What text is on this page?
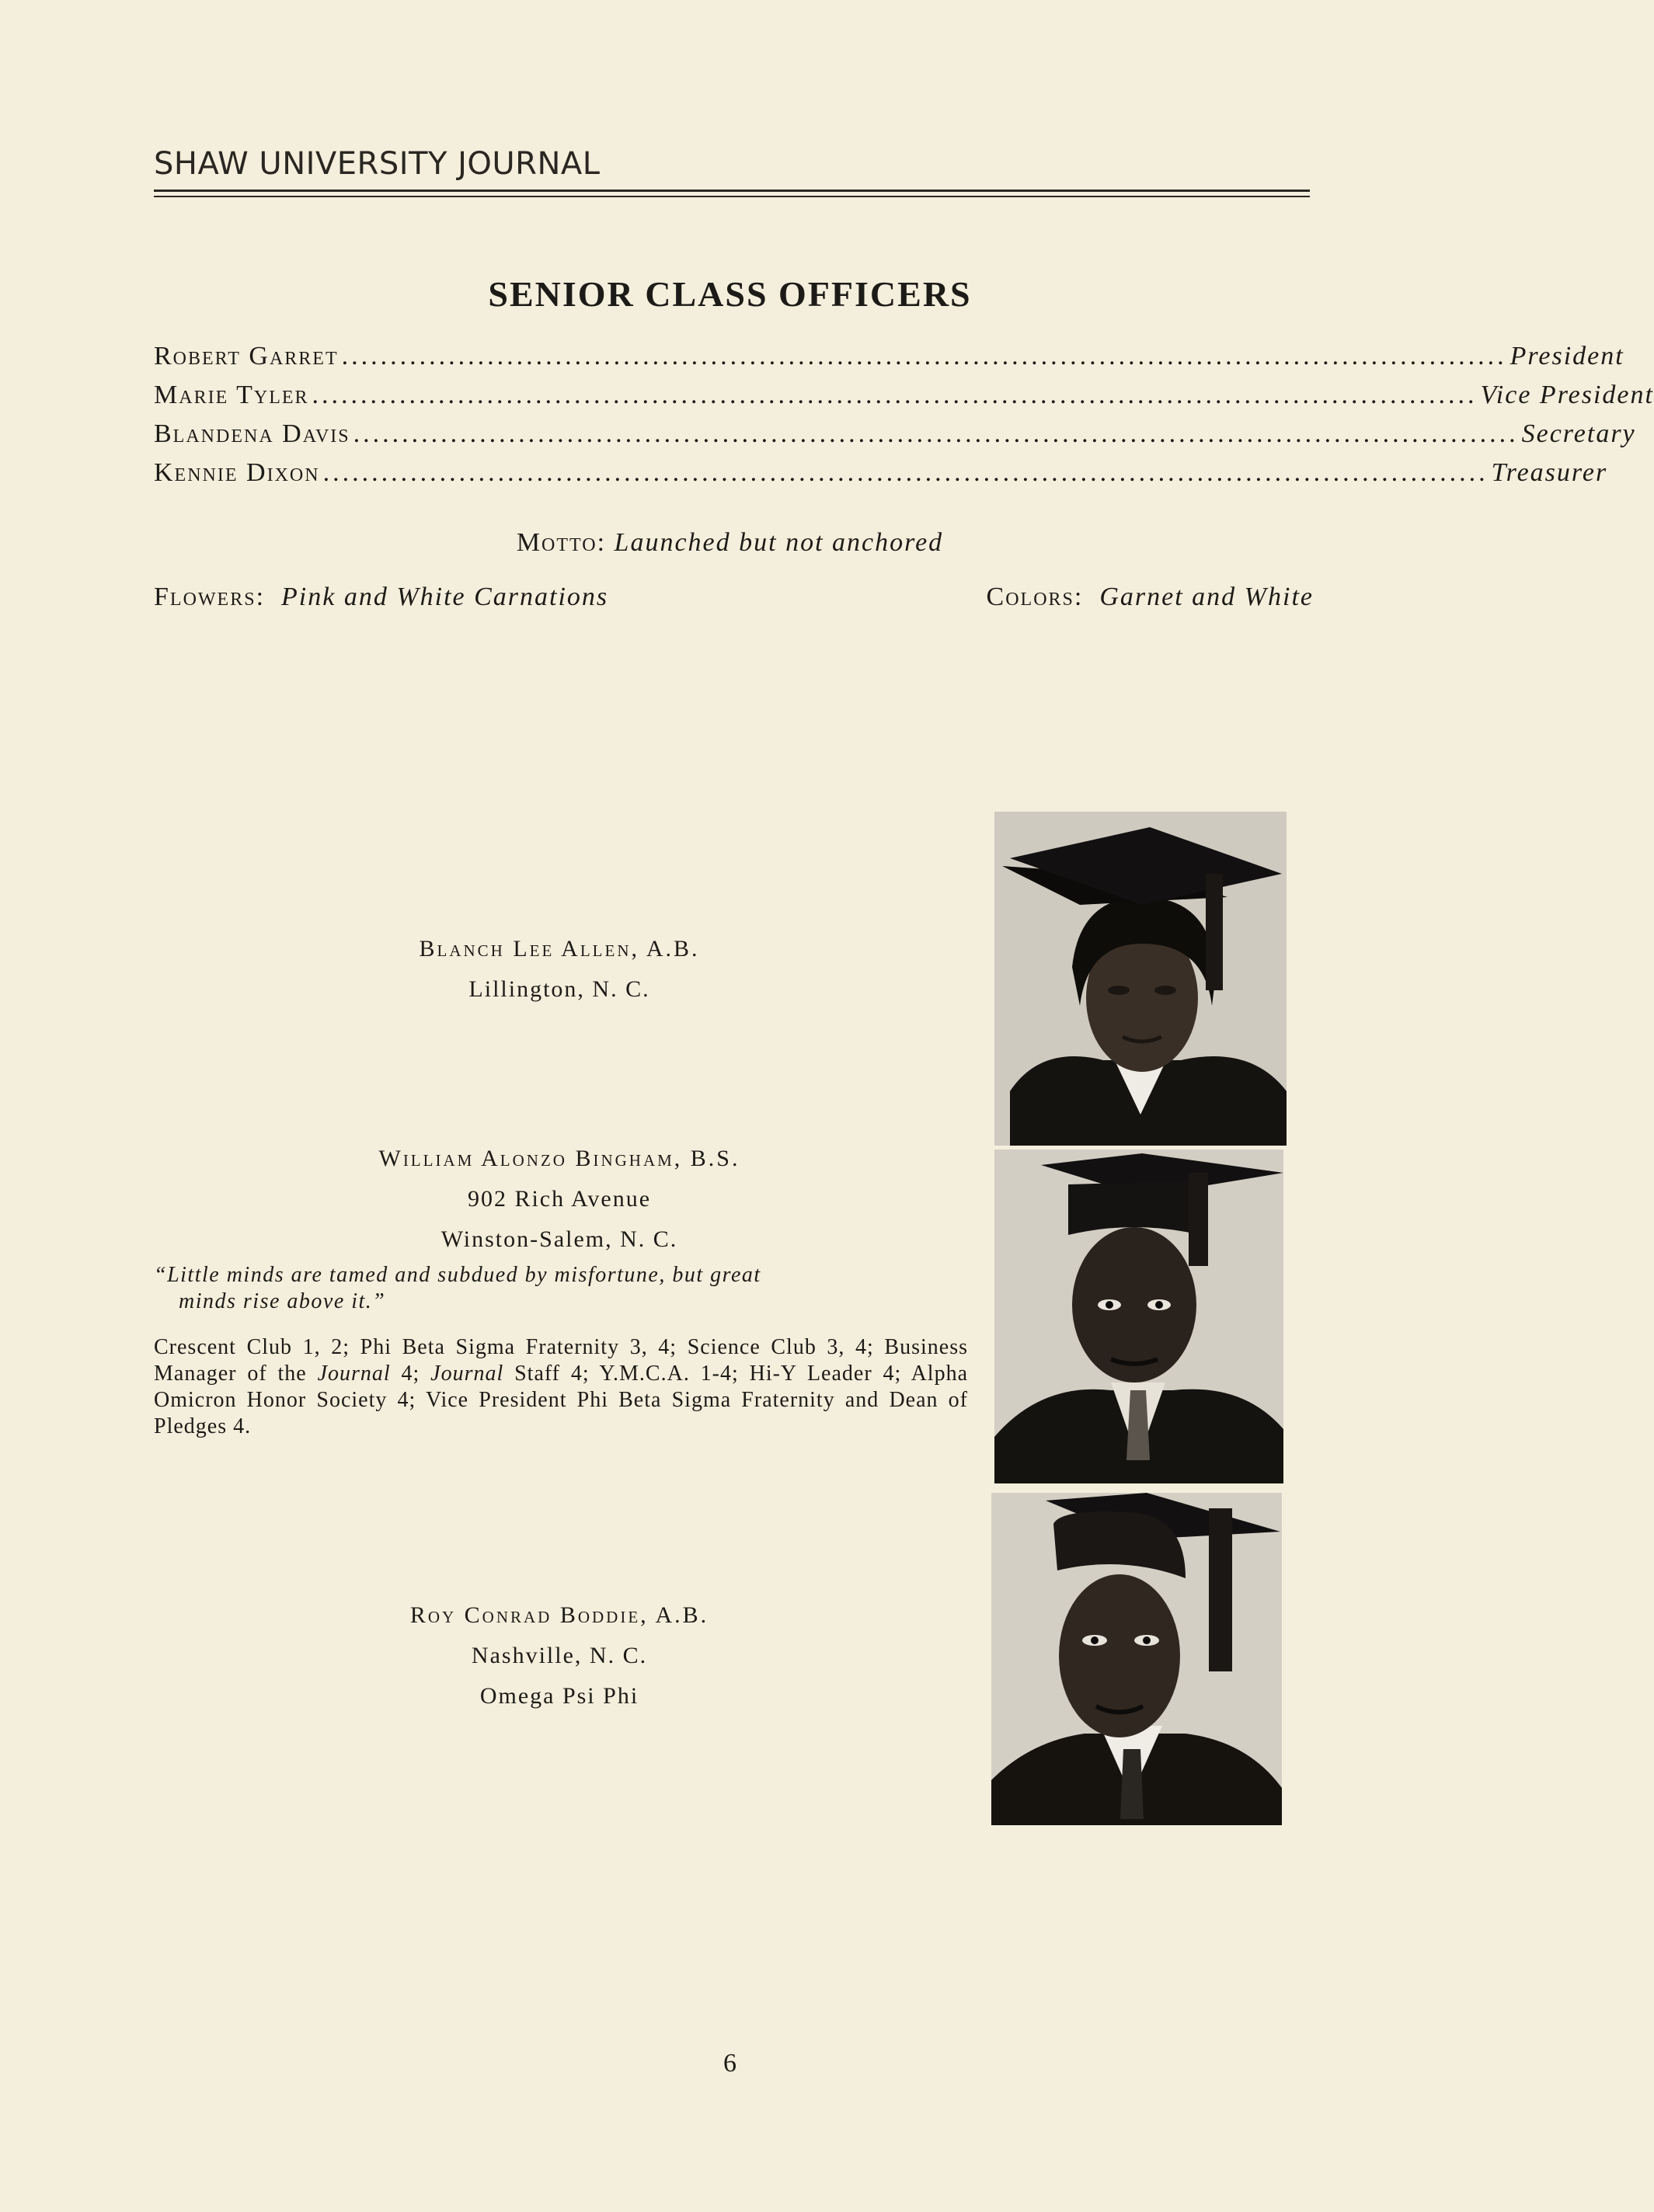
SHAW UNIVERSITY JOURNAL
SENIOR CLASS OFFICERS
Robert Garret ........................................................................................................................ President
Marie Tyler ........................................................................................................................ Vice President
Blandena Davis ........................................................................................................................ Secretary
Kennie Dixon ........................................................................................................................ Treasurer
Motto: Launched but not anchored
Flowers: Pink and White Carnations	Colors: Garnet and White
Blanch Lee Allen, A.B.
Lillington, N. C.
William Alonzo Bingham, B.S.
902 Rich Avenue
Winston-Salem, N. C.
“Little minds are tamed and subdued by misfortune, but great
minds rise above it.”
Crescent Club 1, 2; Phi Beta Sigma Fraternity 3, 4; Science Club 3, 4; Business Manager of the Journal 4; Journal Staff 4; Y.M.C.A. 1-4; Hi-Y Leader 4; Alpha Omicron Honor Society 4; Vice President Phi Beta Sigma Fraternity and Dean of Pledges 4.
Roy Conrad Boddie, A.B.
Nashville, N. C.
Omega Psi Phi
6
